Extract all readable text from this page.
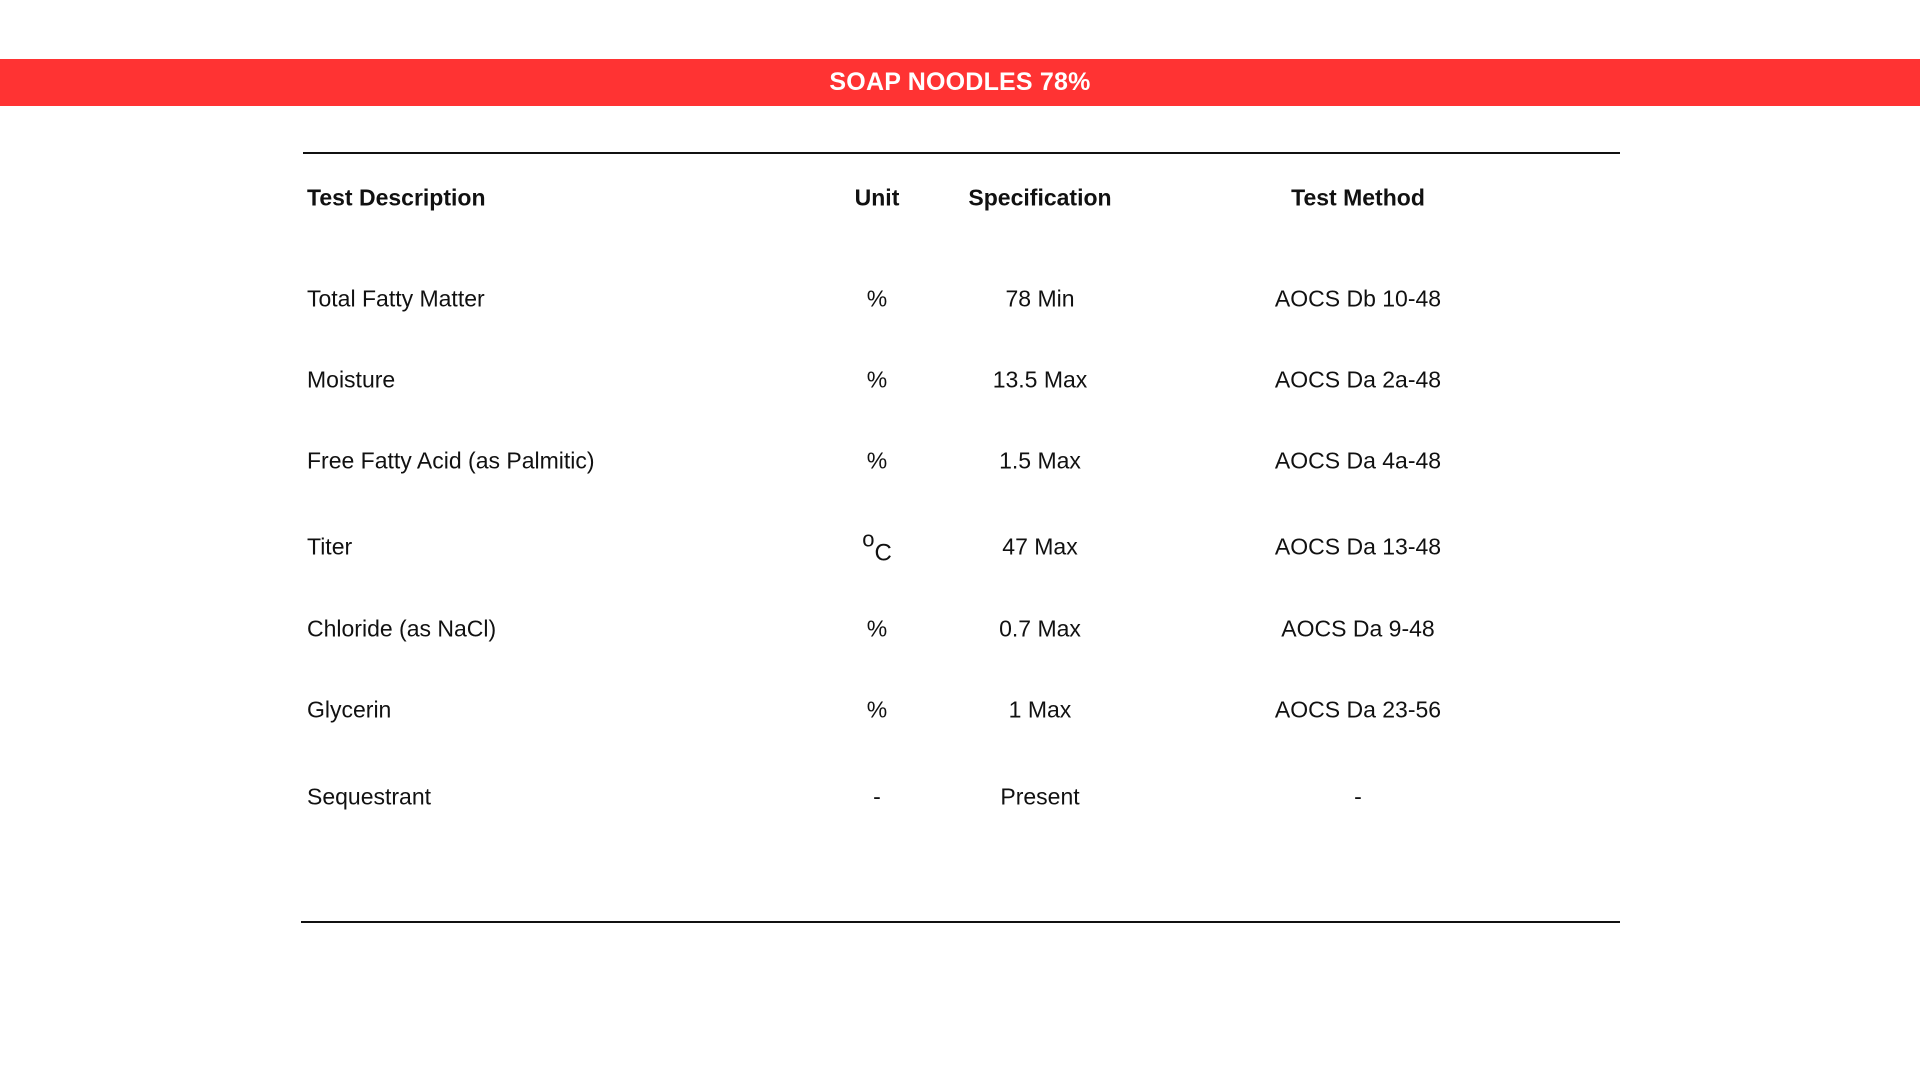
SOAP NOODLES 78%
Test Description	Unit	Specification	Test Method
Total Fatty Matter	%	78 Min	AOCS Db 10-48
Moisture	%	13.5 Max	AOCS Da 2a-48
Free Fatty Acid (as Palmitic)	%	1.5 Max	AOCS Da 4a-48
Titer	oC	47 Max	AOCS Da 13-48
Chloride (as NaCl)	%	0.7 Max	AOCS Da 9-48
Glycerin	%	1 Max	AOCS Da 23-56
Sequestrant	-	Present	-
